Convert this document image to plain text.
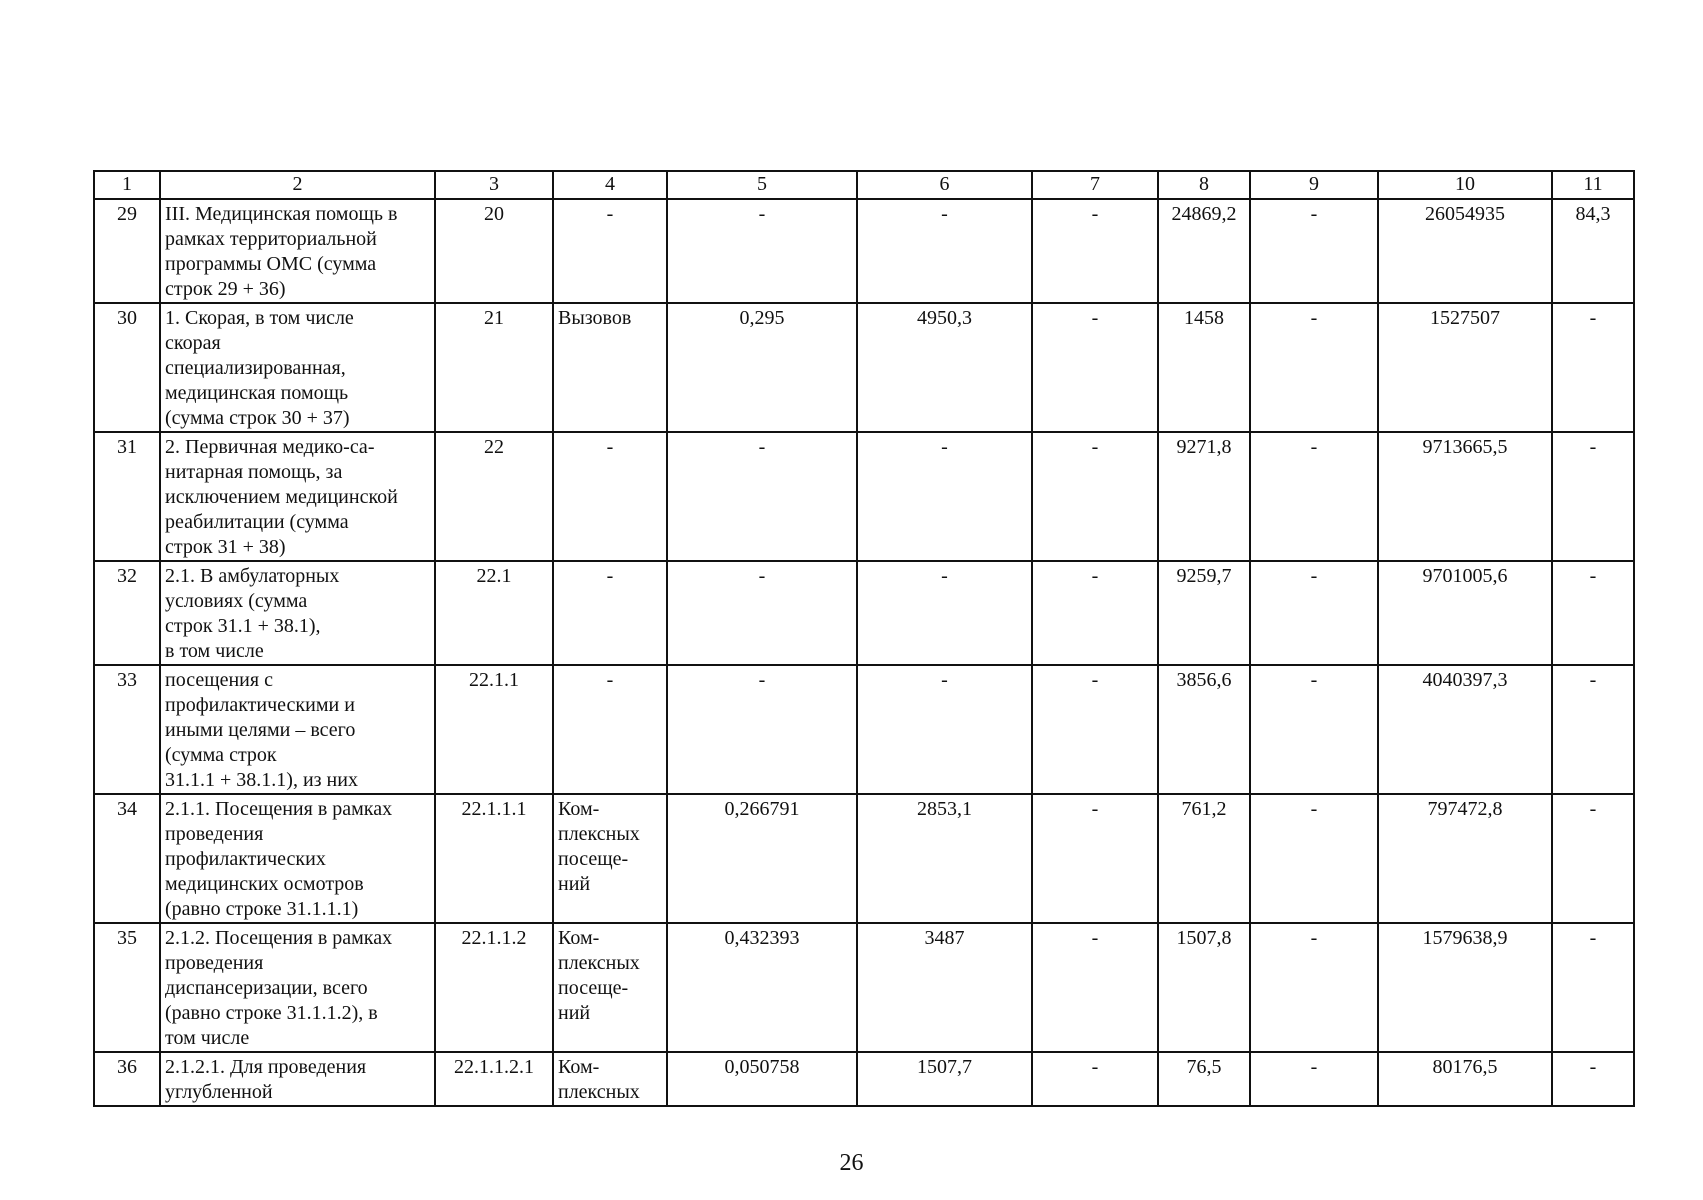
1	2	3	4	5	6	7	8	9	10	11
29	III. Медицинская помощь в
рамках территориальной
программы ОМС (сумма
строк 29 + 36)	20	-	-	-	-	24869,2	-	26054935	84,3
30	1. Скорая, в том числе
скорая
специализированная,
медицинская помощь
(сумма строк 30 + 37)	21	Вызовов	0,295	4950,3	-	1458	-	1527507	-
31	2. Первичная медико-са-
нитарная помощь, за
исключением медицинской
реабилитации (сумма
строк 31 + 38)	22	-	-	-	-	9271,8	-	9713665,5	-
32	2.1. В амбулаторных
условиях (сумма
строк 31.1 + 38.1),
в том числе	22.1	-	-	-	-	9259,7	-	9701005,6	-
33	посещения с
профилактическими и
иными целями – всего
(сумма строк
31.1.1 + 38.1.1), из них	22.1.1	-	-	-	-	3856,6	-	4040397,3	-
34	2.1.1. Посещения в рамках
проведения
профилактических
медицинских осмотров
(равно строке 31.1.1.1)	22.1.1.1	Ком-
плексных
посеще-
ний	0,266791	2853,1	-	761,2	-	797472,8	-
35	2.1.2. Посещения в рамках
проведения
диспансеризации, всего
(равно строке 31.1.1.2), в
том числе	22.1.1.2	Ком-
плексных
посеще-
ний	0,432393	3487	-	1507,8	-	1579638,9	-
36	2.1.2.1. Для проведения
углубленной	22.1.1.2.1	Ком-
плексных	0,050758	1507,7	-	76,5	-	80176,5	-
26
